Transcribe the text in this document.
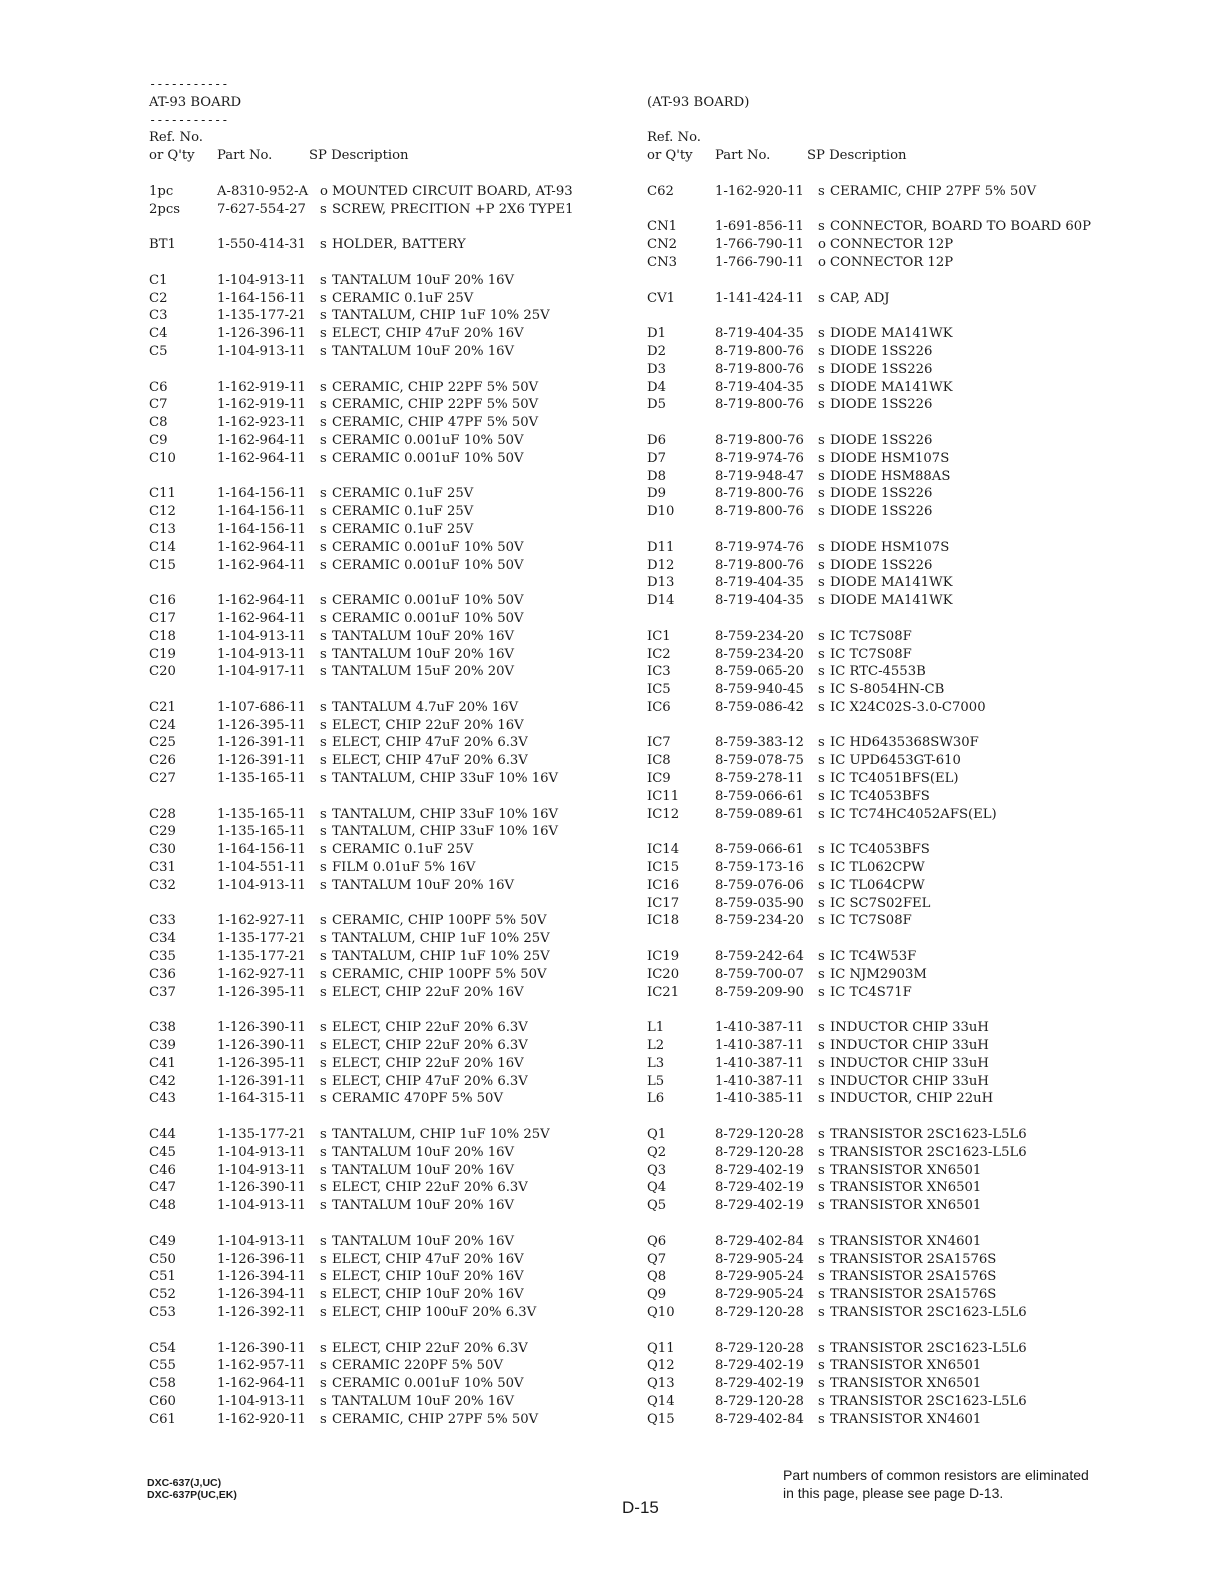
-----------
AT-93 BOARD
-----------
Ref. No.
or Q'ty	Part No.	SP Description
1pc	A-8310-952-A o MOUNTED CIRCUIT BOARD, AT-93
2pcs	7-627-554-27	s SCREW, PRECITION +P 2X6 TYPE1
BT1	1-550-414-31	s HOLDER, BATTERY
C1	1-104-913-11	s TANTALUM 10uF 20% 16V
C2	1-164-156-11	s CERAMIC 0.1uF 25V
C3	1-135-177-21	s TANTALUM, CHIP 1uF 10% 25V
C4	1-126-396-11	s ELECT, CHIP 47uF 20% 16V
C5	1-104-913-11	s TANTALUM 10uF 20% 16V
C6	1-162-919-11	s CERAMIC, CHIP 22PF 5% 50V
C7	1-162-919-11	s CERAMIC, CHIP 22PF 5% 50V
C8	1-162-923-11	s CERAMIC, CHIP 47PF 5% 50V
C9	1-162-964-11	s CERAMIC 0.001uF 10% 50V
C10	1-162-964-11	s CERAMIC 0.001uF 10% 50V
C11	1-164-156-11	s CERAMIC 0.1uF 25V
C12	1-164-156-11	s CERAMIC 0.1uF 25V
C13	1-164-156-11	s CERAMIC 0.1uF 25V
C14	1-162-964-11	s CERAMIC 0.001uF 10% 50V
C15	1-162-964-11	s CERAMIC 0.001uF 10% 50V
C16	1-162-964-11	s CERAMIC 0.001uF 10% 50V
C17	1-162-964-11	s CERAMIC 0.001uF 10% 50V
C18	1-104-913-11	s TANTALUM 10uF 20% 16V
C19	1-104-913-11	s TANTALUM 10uF 20% 16V
C20	1-104-917-11	s TANTALUM 15uF 20% 20V
C21	1-107-686-11	s TANTALUM 4.7uF 20% 16V
C24	1-126-395-11	s ELECT, CHIP 22uF 20% 16V
C25	1-126-391-11	s ELECT, CHIP 47uF 20% 6.3V
C26	1-126-391-11	s ELECT, CHIP 47uF 20% 6.3V
C27	1-135-165-11	s TANTALUM, CHIP 33uF 10% 16V
C28	1-135-165-11	s TANTALUM, CHIP 33uF 10% 16V
C29	1-135-165-11	s TANTALUM, CHIP 33uF 10% 16V
C30	1-164-156-11	s CERAMIC 0.1uF 25V
C31	1-104-551-11	s FILM 0.01uF 5% 16V
C32	1-104-913-11	s TANTALUM 10uF 20% 16V
C33	1-162-927-11	s CERAMIC, CHIP 100PF 5% 50V
C34	1-135-177-21	s TANTALUM, CHIP 1uF 10% 25V
C35	1-135-177-21	s TANTALUM, CHIP 1uF 10% 25V
C36	1-162-927-11	s CERAMIC, CHIP 100PF 5% 50V
C37	1-126-395-11	s ELECT, CHIP 22uF 20% 16V
C38	1-126-390-11	s ELECT, CHIP 22uF 20% 6.3V
C39	1-126-390-11	s ELECT, CHIP 22uF 20% 6.3V
C41	1-126-395-11	s ELECT, CHIP 22uF 20% 16V
C42	1-126-391-11	s ELECT, CHIP 47uF 20% 6.3V
C43	1-164-315-11	s CERAMIC 470PF 5% 50V
C44	1-135-177-21	s TANTALUM, CHIP 1uF 10% 25V
C45	1-104-913-11	s TANTALUM 10uF 20% 16V
C46	1-104-913-11	s TANTALUM 10uF 20% 16V
C47	1-126-390-11	s ELECT, CHIP 22uF 20% 6.3V
C48	1-104-913-11	s TANTALUM 10uF 20% 16V
C49	1-104-913-11	s TANTALUM 10uF 20% 16V
C50	1-126-396-11	s ELECT, CHIP 47uF 20% 16V
C51	1-126-394-11	s ELECT, CHIP 10uF 20% 16V
C52	1-126-394-11	s ELECT, CHIP 10uF 20% 16V
C53	1-126-392-11	s ELECT, CHIP 100uF 20% 6.3V
C54	1-126-390-11	s ELECT, CHIP 22uF 20% 6.3V
C55	1-162-957-11	s CERAMIC 220PF 5% 50V
C58	1-162-964-11	s CERAMIC 0.001uF 10% 50V
C60	1-104-913-11	s TANTALUM 10uF 20% 16V
C61	1-162-920-11	s CERAMIC, CHIP 27PF 5% 50V
(AT-93 BOARD)
Ref. No.
or Q'ty	Part No.	SP Description
C62	1-162-920-11	s CERAMIC, CHIP 27PF 5% 50V
CN1	1-691-856-11	s CONNECTOR, BOARD TO BOARD 60P
CN2	1-766-790-11	o CONNECTOR 12P
CN3	1-766-790-11	o CONNECTOR 12P
CV1	1-141-424-11	s CAP, ADJ
D1	8-719-404-35	s DIODE MA141WK
D2	8-719-800-76	s DIODE 1SS226
D3	8-719-800-76	s DIODE 1SS226
D4	8-719-404-35	s DIODE MA141WK
D5	8-719-800-76	s DIODE 1SS226
D6	8-719-800-76	s DIODE 1SS226
D7	8-719-974-76	s DIODE HSM107S
D8	8-719-948-47	s DIODE HSM88AS
D9	8-719-800-76	s DIODE 1SS226
D10	8-719-800-76	s DIODE 1SS226
D11	8-719-974-76	s DIODE HSM107S
D12	8-719-800-76	s DIODE 1SS226
D13	8-719-404-35	s DIODE MA141WK
D14	8-719-404-35	s DIODE MA141WK
IC1	8-759-234-20	s IC TC7S08F
IC2	8-759-234-20	s IC TC7S08F
IC3	8-759-065-20	s IC RTC-4553B
IC5	8-759-940-45	s IC S-8054HN-CB
IC6	8-759-086-42	s IC X24C02S-3.0-C7000
IC7	8-759-383-12	s IC HD6435368SW30F
IC8	8-759-078-75	s IC UPD6453GT-610
IC9	8-759-278-11	s IC TC4051BFS(EL)
IC11	8-759-066-61	s IC TC4053BFS
IC12	8-759-089-61	s IC TC74HC4052AFS(EL)
IC14	8-759-066-61	s IC TC4053BFS
IC15	8-759-173-16	s IC TL062CPW
IC16	8-759-076-06	s IC TL064CPW
IC17	8-759-035-90	s IC SC7S02FEL
IC18	8-759-234-20	s IC TC7S08F
IC19	8-759-242-64	s IC TC4W53F
IC20	8-759-700-07	s IC NJM2903M
IC21	8-759-209-90	s IC TC4S71F
L1	1-410-387-11	s INDUCTOR CHIP 33uH
L2	1-410-387-11	s INDUCTOR CHIP 33uH
L3	1-410-387-11	s INDUCTOR CHIP 33uH
L5	1-410-387-11	s INDUCTOR CHIP 33uH
L6	1-410-385-11	s INDUCTOR, CHIP 22uH
Q1	8-729-120-28	s TRANSISTOR 2SC1623-L5L6
Q2	8-729-120-28	s TRANSISTOR 2SC1623-L5L6
Q3	8-729-402-19	s TRANSISTOR XN6501
Q4	8-729-402-19	s TRANSISTOR XN6501
Q5	8-729-402-19	s TRANSISTOR XN6501
Q6	8-729-402-84	s TRANSISTOR XN4601
Q7	8-729-905-24	s TRANSISTOR 2SA1576S
Q8	8-729-905-24	s TRANSISTOR 2SA1576S
Q9	8-729-905-24	s TRANSISTOR 2SA1576S
Q10	8-729-120-28	s TRANSISTOR 2SC1623-L5L6
Q11	8-729-120-28	s TRANSISTOR 2SC1623-L5L6
Q12	8-729-402-19	s TRANSISTOR XN6501
Q13	8-729-402-19	s TRANSISTOR XN6501
Q14	8-729-120-28	s TRANSISTOR 2SC1623-L5L6
Q15	8-729-402-84	s TRANSISTOR XN4601
DXC-637(J,UC)
DXC-637P(UC,EK)
D-15
Part numbers of common resistors are eliminated
in this page, please see page D-13.
